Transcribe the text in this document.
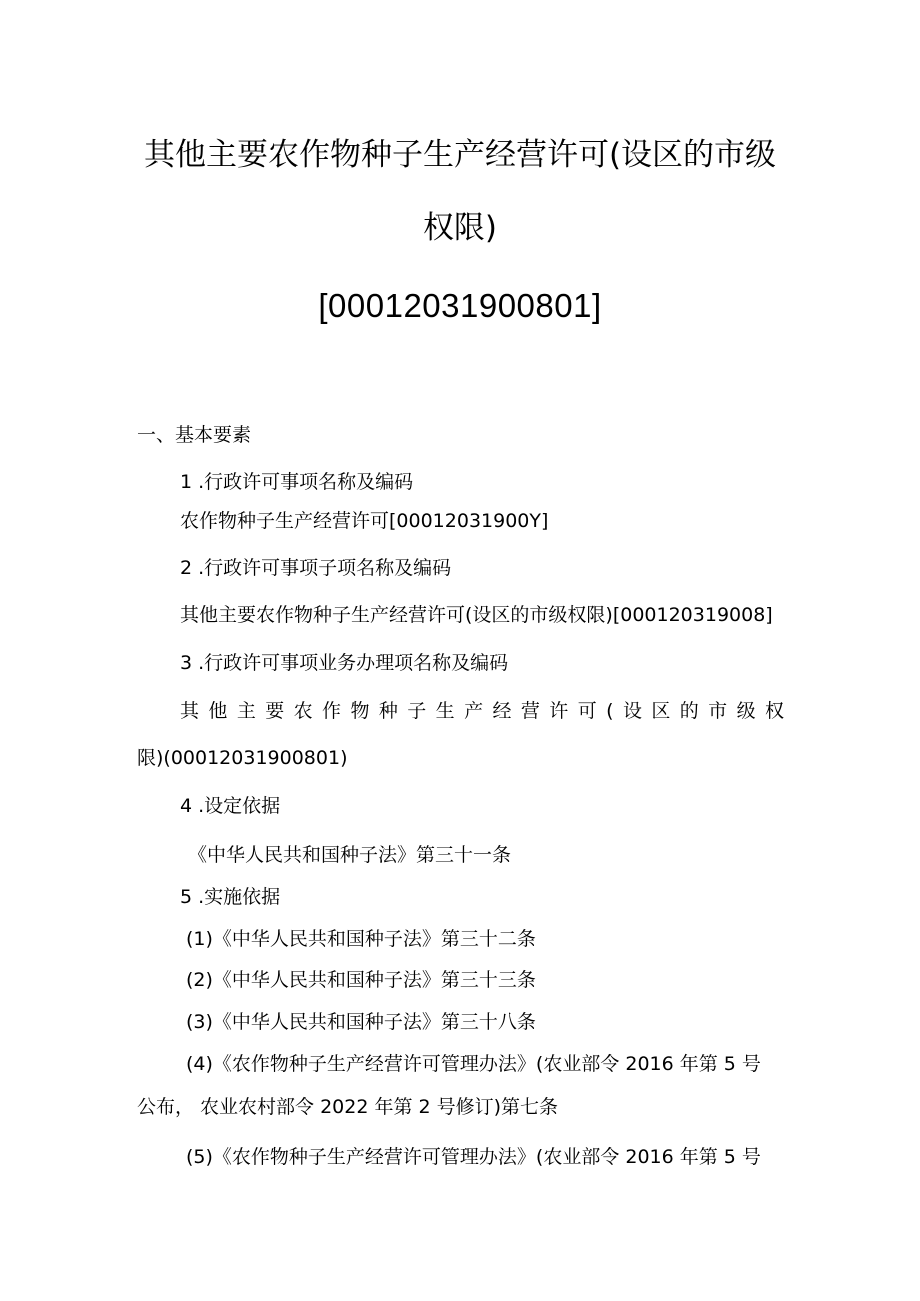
其他主要农作物种子生产经营许可(设区的市级
权限)
[00012031900801]
一、基本要素
1 .行政许可事项名称及编码
农作物种子生产经营许可[00012031900Y]
2 .行政许可事项子项名称及编码
其他主要农作物种子生产经营许可(设区的市级权限)[000120319008]
3 .行政许可事项业务办理项名称及编码
其他主要农作物种子生产经营许可(设区的市级权
限)(00012031900801)
4 .设定依据
《中华人民共和国种子法》第三十一条
5 .实施依据
(1)《中华人民共和国种子法》第三十二条
(2)《中华人民共和国种子法》第三十三条
(3)《中华人民共和国种子法》第三十八条
(4)《农作物种子生产经营许可管理办法》(农业部令 2016 年第 5 号
公布， 农业农村部令 2022 年第 2 号修订)第七条
(5)《农作物种子生产经营许可管理办法》(农业部令 2016 年第 5 号
